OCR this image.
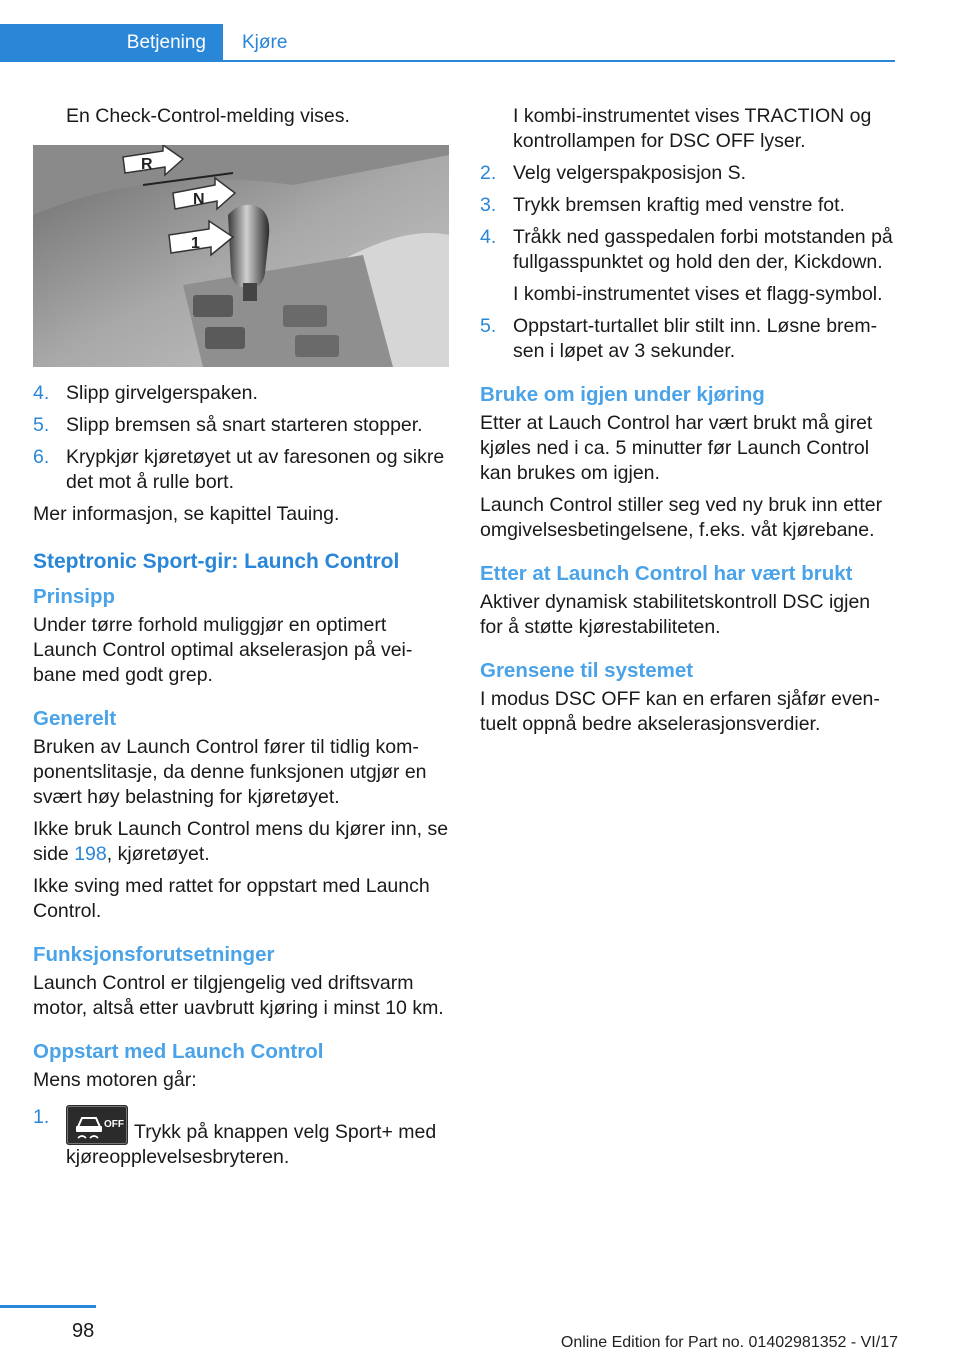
Betjening Kjøre
En Check-Control-melding vises.
R
N
1
4. Slipp girvelgerspaken.
5. Slipp bremsen så snart starteren stopper.
6. Krypkjør kjøretøyet ut av faresonen og sikre det mot å rulle bort.
Mer informasjon, se kapittel Tauing.
Steptronic Sport-gir: Launch Control
Prinsipp
Under tørre forhold muliggjør en optimert Launch Control optimal akselerasjon på veibane med godt grep.
Generelt
Bruken av Launch Control fører til tidlig komponentslitasje, da denne funksjonen utgjør en svært høy belastning for kjøretøyet.
Ikke bruk Launch Control mens du kjører inn, se side 198, kjøretøyet.
Ikke sving med rattet for oppstart med Launch Control.
Funksjonsforutsetninger
Launch Control er tilgjengelig ved driftsvarm motor, altså etter uavbrutt kjøring i minst 10 km.
Oppstart med Launch Control
Mens motoren går:
1.	OFF Trykk på knappen velg Sport+ med kjøreopplevelsesbryteren.
I kombi-instrumentet vises TRACTION og kontrollampen for DSC OFF lyser.
2. Velg velgerspakposisjon S.
3. Trykk bremsen kraftig med venstre fot.
4. Tråkk ned gasspedalen forbi motstanden på fullgasspunktet og hold den der, Kickdown.
I kombi-instrumentet vises et flagg-symbol.
5. Oppstart-turtallet blir stilt inn. Løsne bremsen i løpet av 3 sekunder.
Bruke om igjen under kjøring
Etter at Lauch Control har vært brukt må giret kjøles ned i ca. 5 minutter før Launch Control kan brukes om igjen.
Launch Control stiller seg ved ny bruk inn etter omgivelsesbetingelsene, f.eks. våt kjørebane.
Etter at Launch Control har vært brukt
Aktiver dynamisk stabilitetskontroll DSC igjen for å støtte kjørestabiliteten.
Grensene til systemet
I modus DSC OFF kan en erfaren sjåfør eventuelt oppnå bedre akselerasjonsverdier.
98
Online Edition for Part no. 01402981352 - VI/17
